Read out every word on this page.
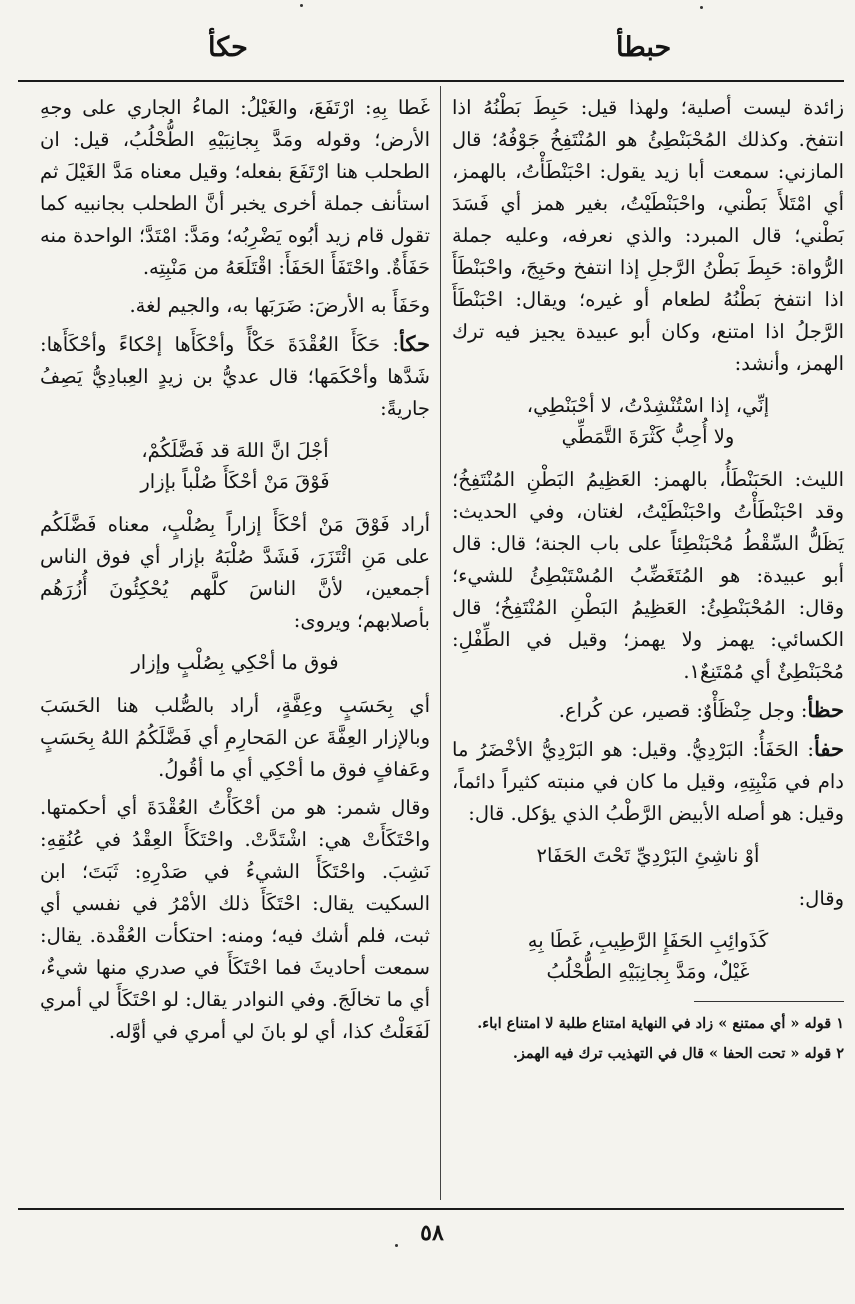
حبطأ
حكأ

زائدة ليست أصلية؛ ولهذا قيل: حَبِطَ بَطْنُهُ اذا انتفخ. وكذلك المُحْبَنْطِئُ هو المُنْتَفِخُ جَوْفُهُ؛ قال المازني: سمعت أبا زيد يقول: احْبَنْطَأْتُ، بالهمز، أي امْتَلأَ بَطْني، واحْبَنْطَيْتُ، بغير همز أي فَسَدَ بَطْني؛ قال المبرد: والذي نعرفه، وعليه جملة الرُّواة: حَبِطَ بَطْنُ الرَّجلِ إذا انتفخ وحَبِجَ، واحْبَنْطَأَ اذا انتفخ بَطْنُهُ لطعام أو غيره؛ ويقال: احْبَنْطَأَ الرَّجلُ اذا امتنع، وكان أبو عبيدة يجيز فيه ترك الهمز، وأنشد:

إنِّي، إذا اسْتُنْشِدْتُ، لا أحْبَنْطِي،
ولا أُحِبُّ كَثْرَةَ التَّمَطِّي

الليث: الحَبَنْطَأُ، بالهمز: العَظِيمُ البَطْنِ المُنْتَفِخُ؛ وقد احْبَنْطَأْتُ واحْبَنْطَيْتُ، لغتان، وفي الحديث: يَظَلُّ السِّقْطُ مُحْبَنْطِئاً على باب الجنة؛ قال: قال أبو عبيدة: هو المُتَغَضِّبُ المُسْتَبْطِئُ للشيء؛ وقال: المُحْبَنْطِئُ: العَظِيمُ البَطْنِ المُنْتَفِخُ؛ قال الكسائي: يهمز ولا يهمز؛ وقيل في الطِّفْلِ: مُحْبَنْطِئٌ أي مُمْتَنِعٌ١.

حظأ: وجل حِنْظَأْوٌ: قصير، عن كُراع.

حفأ: الحَفَأُ: البَرْدِيُّ. وقيل: هو البَرْدِيُّ الأخْضَرُ ما دام في مَنْبِتِهِ، وقيل ما كان في منبته كثيراً دائماً، وقيل: هو أصله الأبيض الرَّطْبُ الذي يؤكل. قال:

أوْ ناشِئِ البَرْدِيِّ تَحْتَ الحَفَا٢

وقال:

كَذَوائِبِ الحَفَإِ الرَّطِيبِ، غَطَا بِهِ
غَيْلٌ، ومَدَّ بِجانِبَيْهِ الطُّحْلُبُ

١ قوله « أي ممتنع » زاد في النهاية امتناع طلبة لا امتناع اباء.

٢ قوله « تحت الحفا » قال في التهذيب ترك فيه الهمز.

غَطا بِهِ: ارْتَفَعَ، والغَيْلُ: الماءُ الجاري على وجهِ الأرض؛ وقوله ومَدَّ بِجانِبَيْهِ الطُّحْلُبُ، قيل: ان الطحلب هنا ارْتَفَعَ بفعله؛ وقيل معناه مَدَّ الغَيْلَ ثم استأنف جملة أخرى يخبر أنَّ الطحلب بجانبيه كما تقول قام زيد أبُوه يَضْرِبُه؛ ومَدَّ: امْتَدَّ؛ الواحدة منه حَفَأَةٌ. واحْتَفَأَ الحَفَأَ: اقْتَلَعَهُ من مَنْبِتِه.

وحَفَأَ به الأرضَ: ضَرَبَها به، والجيم لغة.

حكأ: حَكَأَ العُقْدَةَ حَكْأً وأحْكَأَها إحْكاءً وأحْكَأَها: شَدَّها وأحْكَمَها؛ قال عديُّ بن زيدٍ العِبادِيُّ يَصِفُ جاريةً:

أجْلَ انَّ اللهَ قد فَضَّلَكُمْ،
فَوْقَ مَنْ أحْكَأَ صُلْباً بإزار

أراد فَوْقَ مَنْ أحْكَأَ إزاراً بِصُلْبٍ، معناه فَضَّلَكُم على مَنِ ائْتَزَرَ، فَشَدَّ صُلْبَهُ بإزار أي فوق الناس أجمعين، لأنَّ الناسَ كلَّهم يُحْكِئُونَ أُزُرَهُم بأصلابهم؛ ويروى:

فوق ما أحْكِي بِصُلْبٍ وإزار

أي بِحَسَبٍ وعِفَّةٍ، أراد بالصُّلب هنا الحَسَبَ وبالإزار العِفَّةَ عن المَحارِمِ أي فَضَّلَكُمُ اللهُ بِحَسَبٍ وعَفافٍ فوق ما أحْكِي أي ما أقُولُ.

وقال شمر: هو من أحْكَأْتُ العُقْدَةَ أي أحكمتها. واحْتَكَأَتْ هي: اشْتَدَّتْ. واحْتَكَأَ العِقْدُ في عُنُقِهِ: نَشِبَ. واحْتَكَأَ الشيءُ في صَدْرِهِ: ثَبَتَ؛ ابن السكيت يقال: احْتَكَأَ ذلك الأمْرُ في نفسي أي ثبت، فلم أشك فيه؛ ومنه: احتكأت العُقْدة. يقال: سمعت أحاديثَ فما احْتَكَأَ في صدري منها شيءٌ، أي ما تخالَجَ. وفي النوادر يقال: لو احْتَكَأَ لي أمري لَفَعَلْتُ كذا، أي لو بانَ لي أمري في أوَّله.

٥٨
